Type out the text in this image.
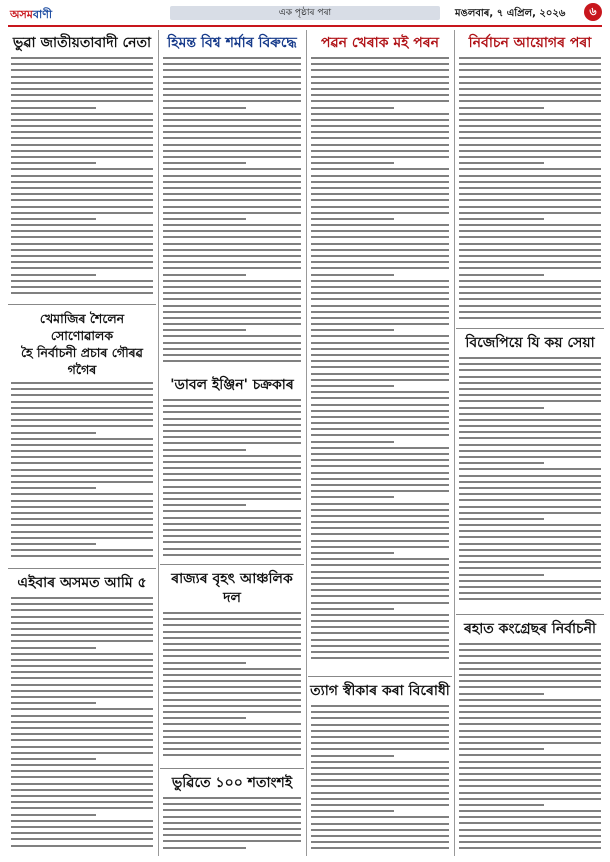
অসমবাণী	এক পৃষ্ঠাৰ পৰা	মঙলবাৰ, ৭ এপ্ৰিল, ২০২৬	৬
ভুৱা জাতীয়তাবাদী নেতা
খেমাজিৰ শৈলেন সোণোৱালক
হৈ নিৰ্বাচনী প্ৰচাৰ গৌৰৱ গগৈৰ
এইবাৰ অসমত আমি ৫
হিমন্ত বিশ্ব শৰ্মাৰ বিৰুদ্ধে
'ডাবল ইঞ্জিন' চক্ৰকাৰ
ৰাজ্যৰ বৃহৎ আঞ্চলিক দল
ভুৱিতে ১০০ শতাংশই
পৱন খেৰাক মই পৰন
ত্যাগ স্বীকাৰ কৰা বিৰোধী
নিৰ্বাচন আয়োগৰ পৰা
বিজেপিয়ে যি কয় সেয়া
ৰহাত কংগ্ৰেছৰ নিৰ্বাচনী
